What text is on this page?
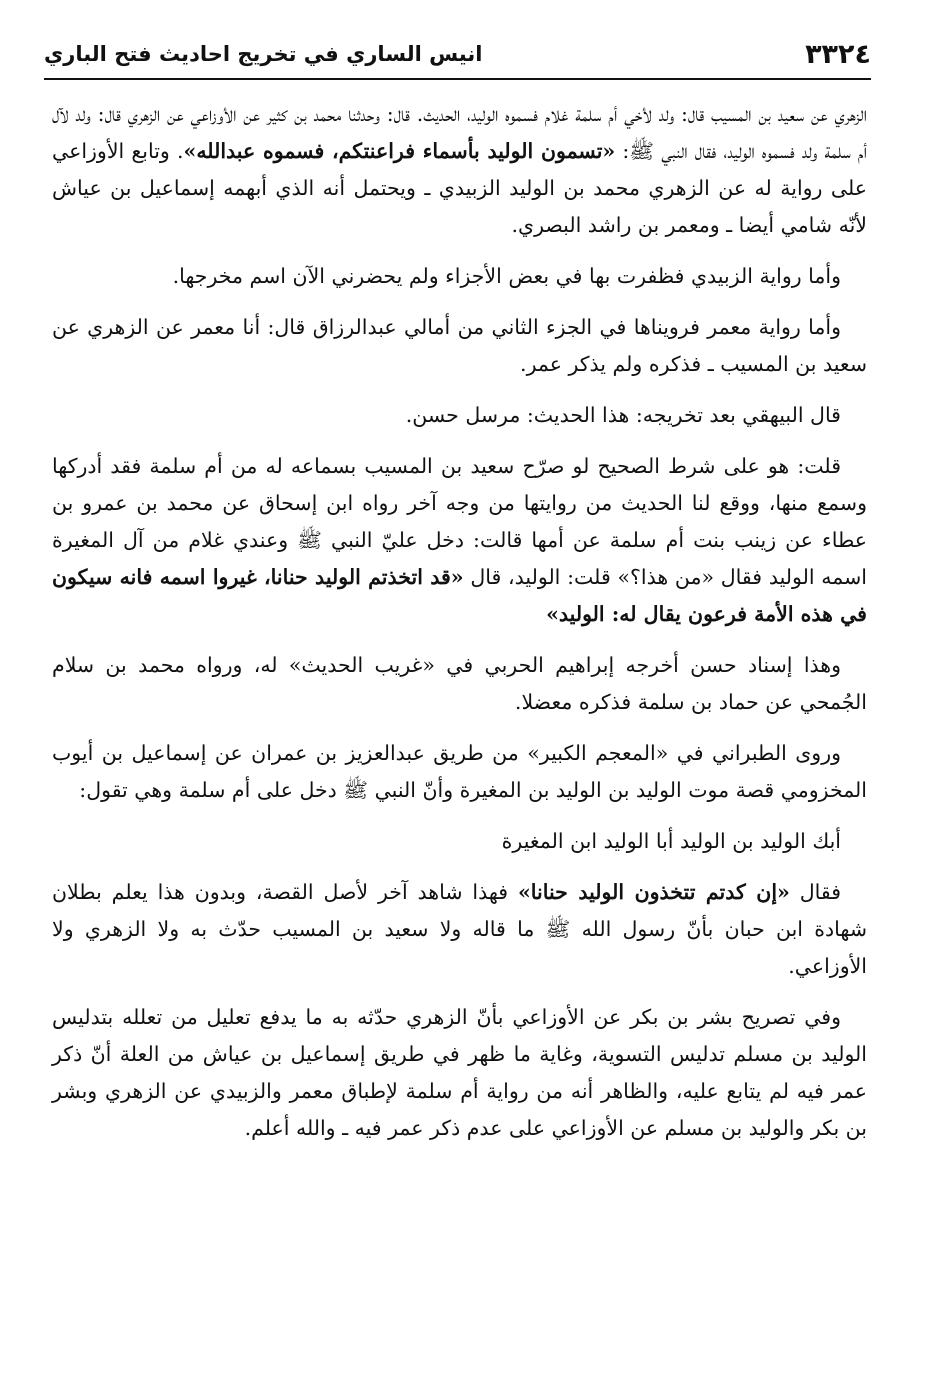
٣٣٢٤
انيس الساري في تخريج احاديث فتح الباري

الزهري عن سعيد بن المسيب قال: ولد لأخي أم سلمة غلام فسموه الوليد، الحديث. قال: وحدثنا محمد بن كثير عن الأوزاعي عن الزهري قال: ولد لآل أم سلمة ولد فسموه الوليد، فقال النبي ﷺ: «تسمون الوليد بأسماء فراعنتكم، فسموه عبدالله». وتابع الأوزاعي على رواية له عن الزهري محمد بن الوليد الزبيدي ـ ويحتمل أنه الذي أبهمه إسماعيل بن عياش لأنّه شامي أيضا ـ ومعمر بن راشد البصري.

وأما رواية الزبيدي فظفرت بها في بعض الأجزاء ولم يحضرني الآن اسم مخرجها.

وأما رواية معمر فرويناها في الجزء الثاني من أمالي عبدالرزاق قال: أنا معمر عن الزهري عن سعيد بن المسيب ـ فذكره ولم يذكر عمر.

قال البيهقي بعد تخريجه: هذا الحديث: مرسل حسن.

قلت: هو على شرط الصحيح لو صرّح سعيد بن المسيب بسماعه له من أم سلمة فقد أدركها وسمع منها، ووقع لنا الحديث من روايتها من وجه آخر رواه ابن إسحاق عن محمد بن عمرو بن عطاء عن زينب بنت أم سلمة عن أمها قالت: دخل عليّ النبي ﷺ وعندي غلام من آل المغيرة اسمه الوليد فقال «من هذا؟» قلت: الوليد، قال «قد اتخذتم الوليد حنانا، غيروا اسمه فانه سيكون في هذه الأمة فرعون يقال له: الوليد»

وهذا إسناد حسن أخرجه إبراهيم الحربي في «غريب الحديث» له، ورواه محمد بن سلام الجُمحي عن حماد بن سلمة فذكره معضلا.

وروى الطبراني في «المعجم الكبير» من طريق عبدالعزيز بن عمران عن إسماعيل بن أيوب المخزومي قصة موت الوليد بن الوليد بن المغيرة وأنّ النبي ﷺ دخل على أم سلمة وهي تقول:

أبك الوليد بن الوليد أبا الوليد ابن المغيرة

فقال «إن كدتم تتخذون الوليد حنانا» فهذا شاهد آخر لأصل القصة، وبدون هذا يعلم بطلان شهادة ابن حبان بأنّ رسول الله ﷺ ما قاله ولا سعيد بن المسيب حدّث به ولا الزهري ولا الأوزاعي.

وفي تصريح بشر بن بكر عن الأوزاعي بأنّ الزهري حدّثه به ما يدفع تعليل من تعلله بتدليس الوليد بن مسلم تدليس التسوية، وغاية ما ظهر في طريق إسماعيل بن عياش من العلة أنّ ذكر عمر فيه لم يتابع عليه، والظاهر أنه من رواية أم سلمة لإطباق معمر والزبيدي عن الزهري وبشر بن بكر والوليد بن مسلم عن الأوزاعي على عدم ذكر عمر فيه ـ والله أعلم.
